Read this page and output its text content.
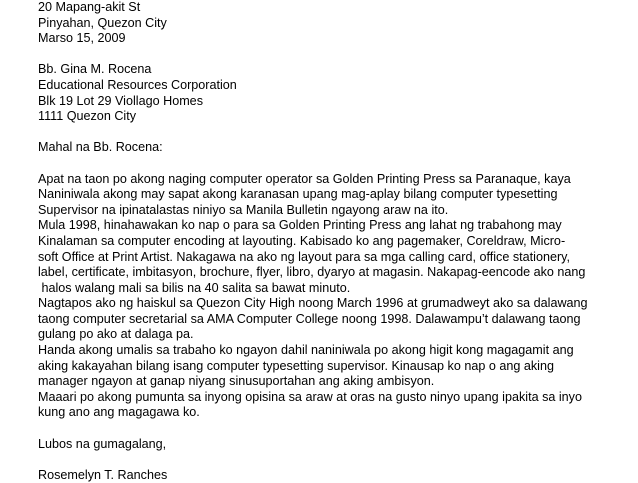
20 Mapang-akit St
Pinyahan, Quezon City
Marso 15, 2009
Bb. Gina M. Rocena
Educational Resources Corporation
Blk 19 Lot 29 Viollago Homes
1111 Quezon City
Mahal na Bb. Rocena:
Apat na taon po akong naging computer operator sa Golden Printing Press sa Paranaque, kaya
Naniniwala akong may sapat akong karanasan upang mag-aplay bilang computer typesetting
Supervisor na ipinatalastas niniyo sa Manila Bulletin ngayong araw na ito.
Mula 1998, hinahawakan ko nap o para sa Golden Printing Press ang lahat ng trabahong may
Kinalaman sa computer encoding at layouting. Kabisado ko ang pagemaker, Coreldraw, Micro-
soft Office at Print Artist. Nakagawa na ako ng layout para sa mga calling card, office stationery,
label, certificate, imbitasyon, brochure, flyer, libro, dyaryo at magasin. Nakapag-eencode ako nang
halos walang mali sa bilis na 40 salita sa bawat minuto.
Nagtapos ako ng haiskul sa Quezon City High noong March 1996 at grumadweyt ako sa dalawang
taong computer secretarial sa AMA Computer College noong 1998. Dalawampu’t dalawang taong
gulang po ako at dalaga pa.
Handa akong umalis sa trabaho ko ngayon dahil naniniwala po akong higit kong magagamit ang
aking kakayahan bilang isang computer typesetting supervisor. Kinausap ko nap o ang aking
manager ngayon at ganap niyang sinusuportahan ang aking ambisyon.
Maaari po akong pumunta sa inyong opisina sa araw at oras na gusto ninyo upang ipakita sa inyo
kung ano ang magagawa ko.
Lubos na gumagalang,
Rosemelyn T. Ranches
